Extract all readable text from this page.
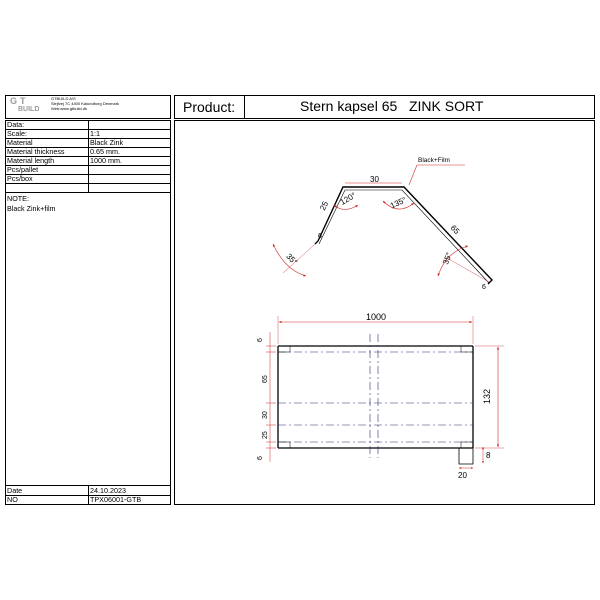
GT
BUILD
GTBUILD A/S
Slejfvej 7C 4400 Kalundborg Denmark
Web:www.gtbuild.dk	Product:	Stern kapsel 65   ZINK SORT
Data:
Scale:	1:1
Material	Black Zink
Material thickness	0.65 mm.
Material length	1000 mm.
Pcs/pallet
Pcs/box
NOTE:
Black Zink+film
Date	24.10.2023
NO	TPX06001-GTB
Black+Film
30
25
65
6
6
120°	135°
35°	35°
1000
132
8
20
6
65
30
25
6
